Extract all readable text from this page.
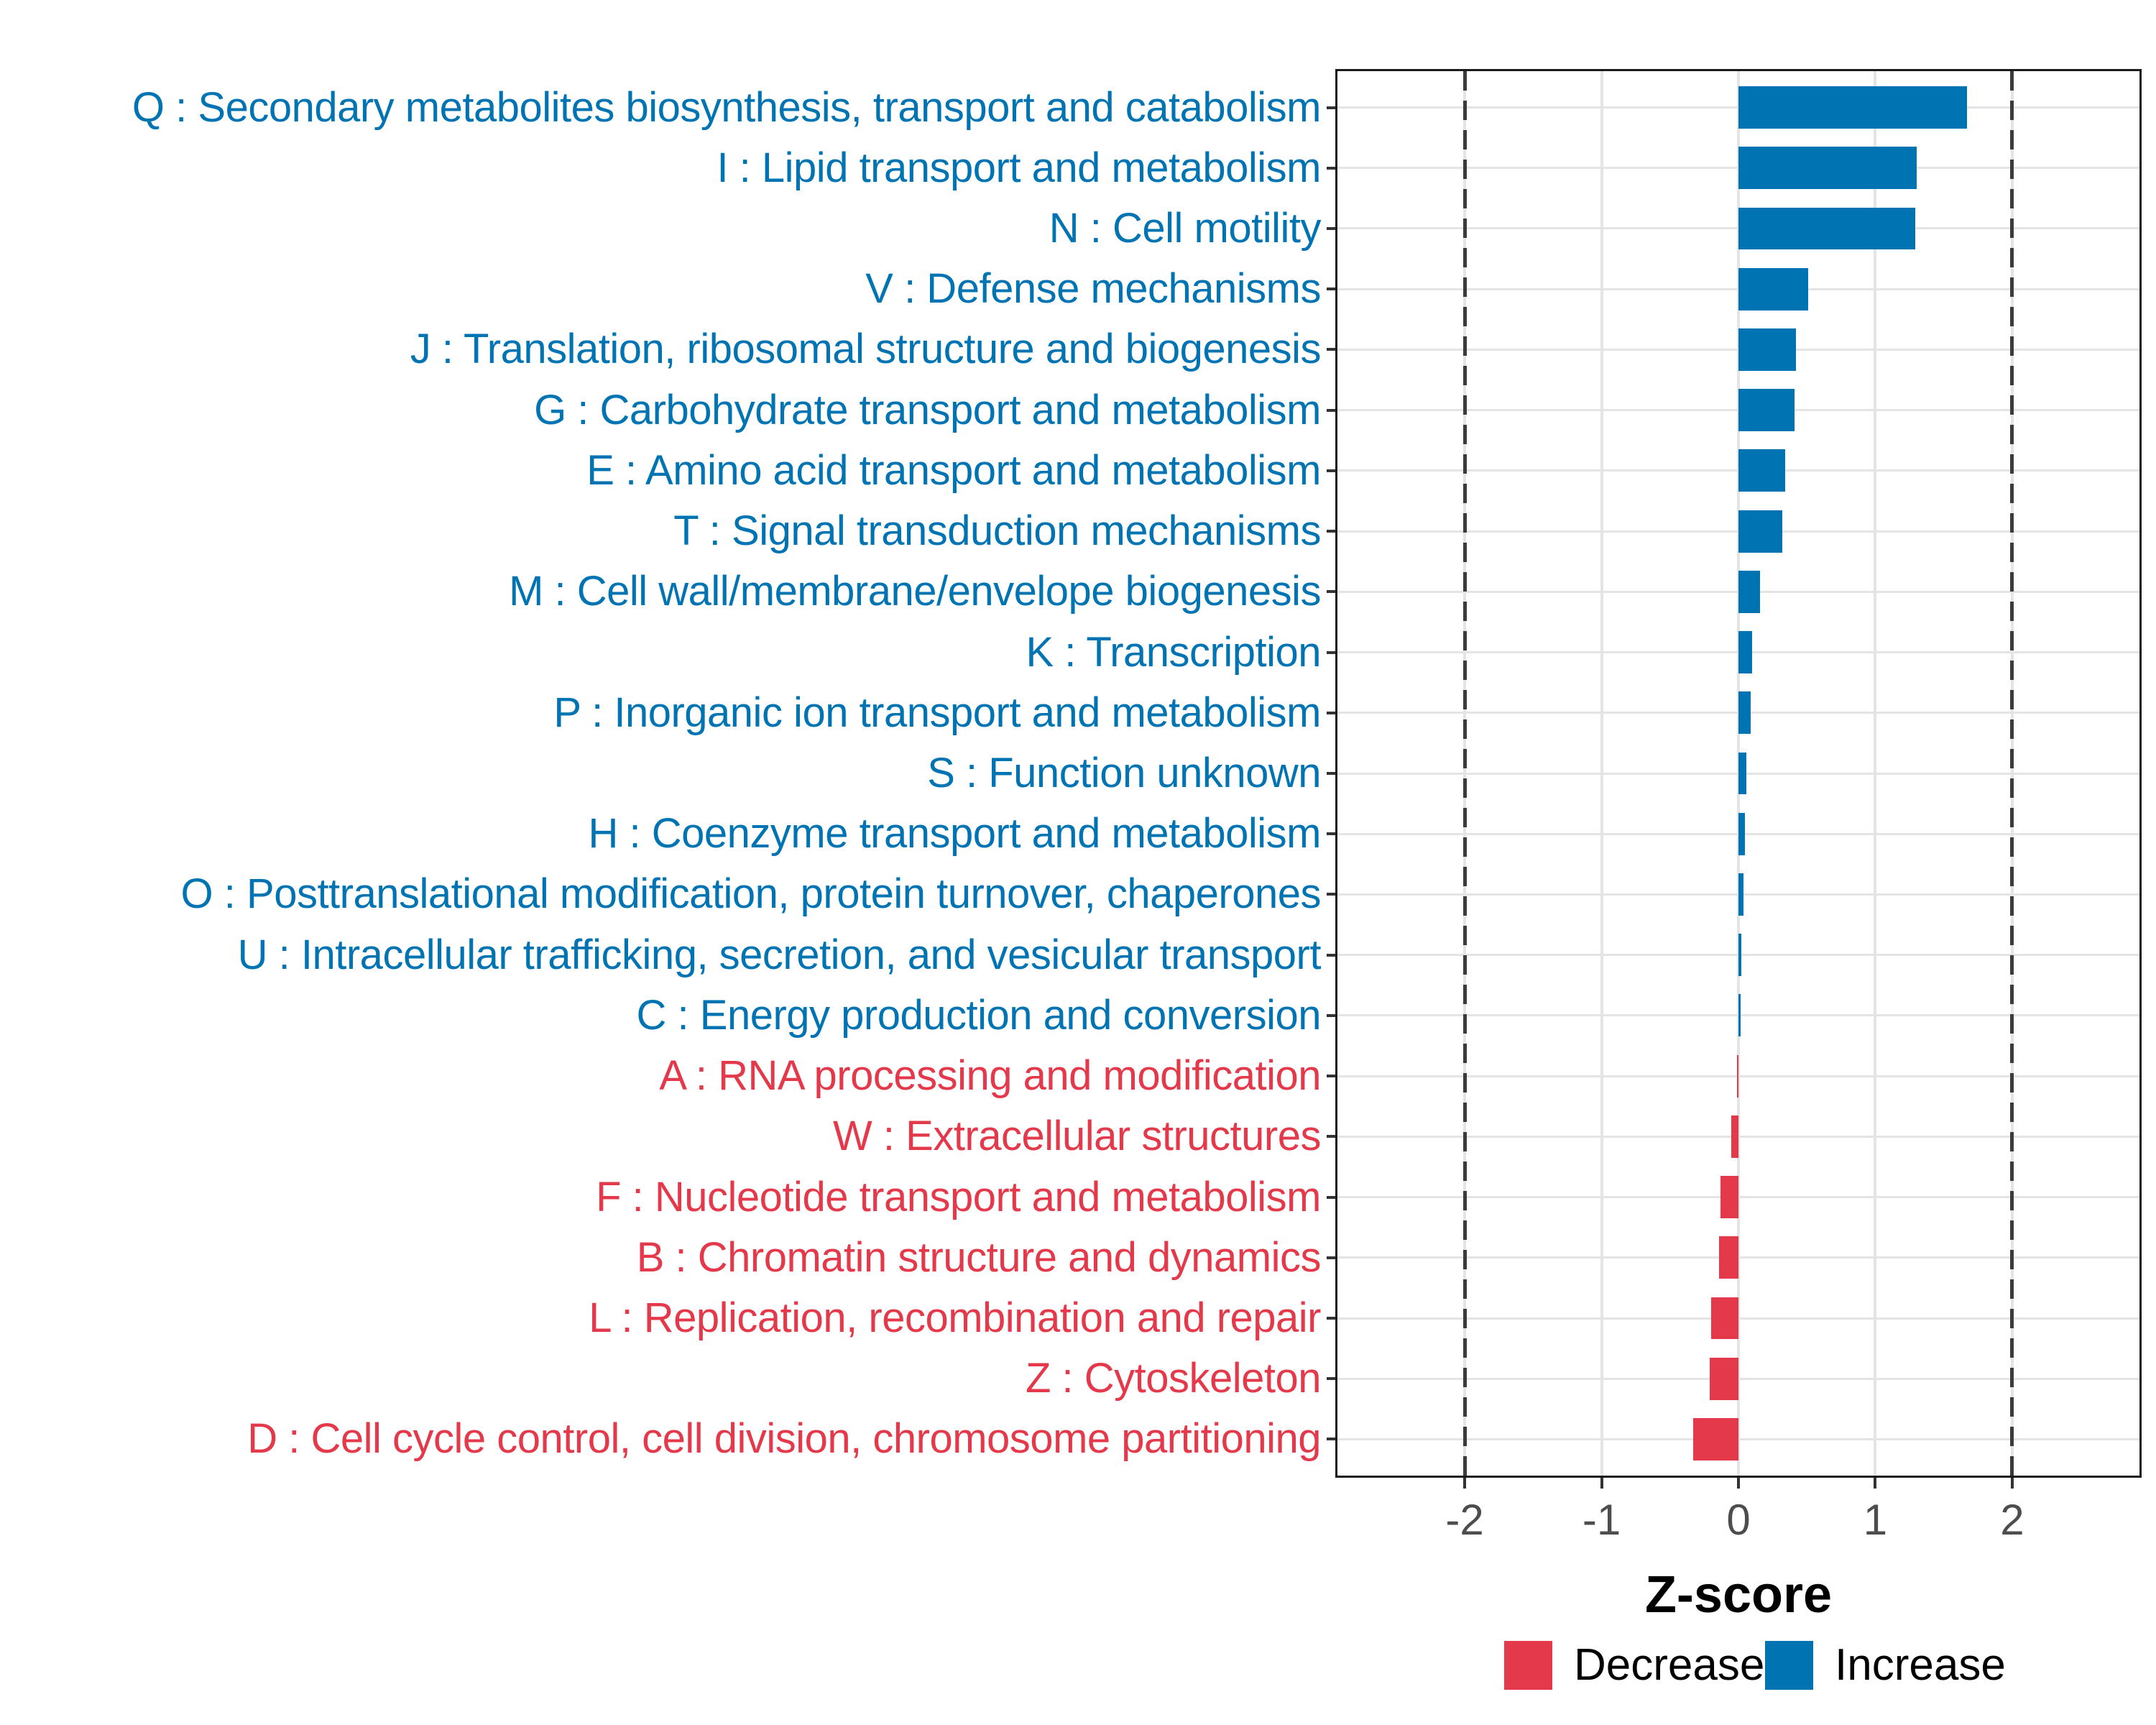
Z-score
Decrease Increase
Q : Secondary metabolites biosynthesis, transport and catabolism
I : Lipid transport and metabolism
N : Cell motility
V : Defense mechanisms
J : Translation, ribosomal structure and biogenesis
G : Carbohydrate transport and metabolism
E : Amino acid transport and metabolism
T : Signal transduction mechanisms
M : Cell wall/membrane/envelope biogenesis
K : Transcription
P : Inorganic ion transport and metabolism
S : Function unknown
H : Coenzyme transport and metabolism
O : Posttranslational modification, protein turnover, chaperones
U : Intracellular trafficking, secretion, and vesicular transport
C : Energy production and conversion
A : RNA processing and modification
W : Extracellular structures
F : Nucleotide transport and metabolism
B : Chromatin structure and dynamics
L : Replication, recombination and repair
Z : Cytoskeleton
D : Cell cycle control, cell division, chromosome partitioning
-2	-1	0	1	2
